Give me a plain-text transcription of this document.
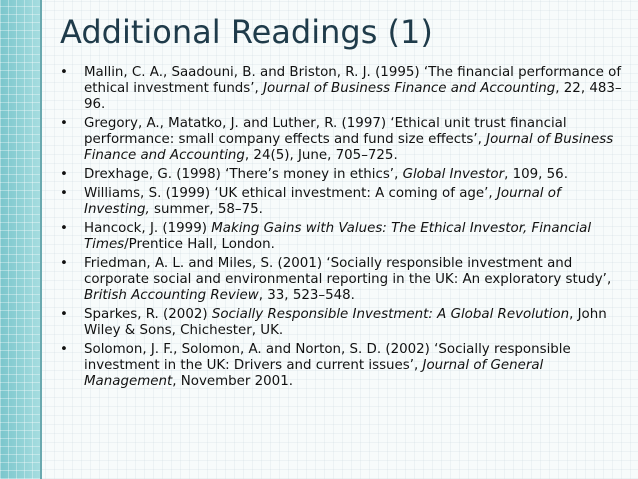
Additional Readings (1)
•	Mallin, C. A., Saadouni, B. and Briston, R. J. (1995) ‘The financial performance of ethical investment funds’, Journal of Business Finance and Accounting, 22, 483–96.
•	Gregory, A., Matatko, J. and Luther, R. (1997) ‘Ethical unit trust financial performance: small company effects and fund size effects’, Journal of Business Finance and Accounting, 24(5), June, 705–725.
•	Drexhage, G. (1998) ‘There’s money in ethics’, Global Investor, 109, 56.
•	Williams, S. (1999) ‘UK ethical investment: A coming of age’, Journal of Investing, summer, 58–75.
•	Hancock, J. (1999) Making Gains with Values: The Ethical Investor, Financial Times/Prentice Hall, London.
•	Friedman, A. L. and Miles, S. (2001) ‘Socially responsible investment and corporate social and environmental reporting in the UK: An exploratory study’, British Accounting Review, 33, 523–548.
•	Sparkes, R. (2002) Socially Responsible Investment: A Global Revolution, John Wiley & Sons, Chichester, UK.
•	Solomon, J. F., Solomon, A. and Norton, S. D. (2002) ‘Socially responsible investment in the UK: Drivers and current issues’, Journal of General Management, November 2001.
